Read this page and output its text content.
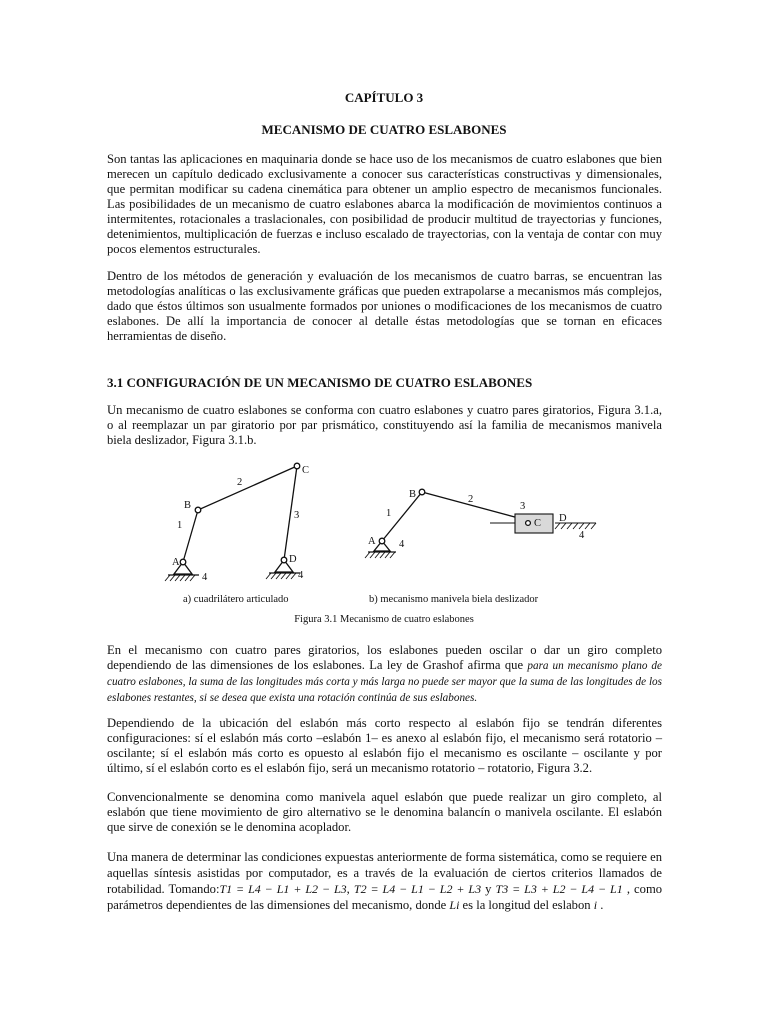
CAPÍTULO 3
MECANISMO DE CUATRO ESLABONES

Son tantas las aplicaciones en maquinaria donde se hace uso de los mecanismos de cuatro eslabones que bien merecen un capítulo dedicado exclusivamente a conocer sus características constructivas y dimensionales, que permitan modificar su cadena cinemática para obtener un amplio espectro de mecanismos funcionales. Las posibilidades de un mecanismo de cuatro eslabones abarca la modificación de movimientos continuos a intermitentes, rotacionales a traslacionales, con posibilidad de producir multitud de trayectorias y funciones, detenimientos, multiplicación de fuerzas e incluso escalado de trayectorias, con la ventaja de contar con muy pocos elementos estructurales.

Dentro de los métodos de generación y evaluación de los mecanismos de cuatro barras, se encuentran las metodologías analíticas o las exclusivamente gráficas que pueden extrapolarse a mecanismos más complejos, dado que éstos últimos son usualmente formados por uniones o modificaciones de los mecanismos de cuatro eslabones. De allí la importancia de conocer al detalle éstas metodologías que se tornan en eficaces herramientas de diseño.

3.1 CONFIGURACIÓN DE UN MECANISMO DE CUATRO ESLABONES

Un mecanismo de cuatro eslabones se conforma con cuatro eslabones y cuatro pares giratorios, Figura 3.1.a, o al reemplazar un par giratorio por par prismático, constituyendo así la familia de mecanismos manivela biela deslizador, Figura 3.1.b.

C
2
B
3
1
A	D
4	4
B	2
3
1
C D
4
A 4
a) cuadrilátero articulado	b) mecanismo manivela biela deslizador
Figura 3.1 Mecanismo de cuatro eslabones

En el mecanismo con cuatro pares giratorios, los eslabones pueden oscilar o dar un giro completo dependiendo de las dimensiones de los eslabones. La ley de Grashof afirma que para un mecanismo plano de cuatro eslabones, la suma de las longitudes más corta y más larga no puede ser mayor que la suma de las longitudes de los eslabones restantes, si se desea que exista una rotación continúa de sus eslabones.

Dependiendo de la ubicación del eslabón más corto respecto al eslabón fijo se tendrán diferentes configuraciones: sí el eslabón más corto –eslabón 1– es anexo al eslabón fijo, el mecanismo será rotatorio – oscilante; sí el eslabón más corto es opuesto al eslabón fijo el mecanismo es oscilante – oscilante y por último, sí el eslabón corto es el eslabón fijo, será un mecanismo rotatorio – rotatorio, Figura 3.2.

Convencionalmente se denomina como manivela aquel eslabón que puede realizar un giro completo, al eslabón que tiene movimiento de giro alternativo se le denomina balancín o manivela oscilante. El eslabón que sirve de conexión se le denomina acoplador.

Una manera de determinar las condiciones expuestas anteriormente de forma sistemática, como se requiere en aquellas síntesis asistidas por computador, es a través de la evaluación de ciertos criterios llamados de rotabilidad. Tomando:T1 = L4 − L1 + L2 − L3, T2 = L4 − L1 − L2 + L3 y T3 = L3 + L2 − L4 − L1 , como parámetros dependientes de las dimensiones del mecanismo, donde Li es la longitud del eslabon i .
